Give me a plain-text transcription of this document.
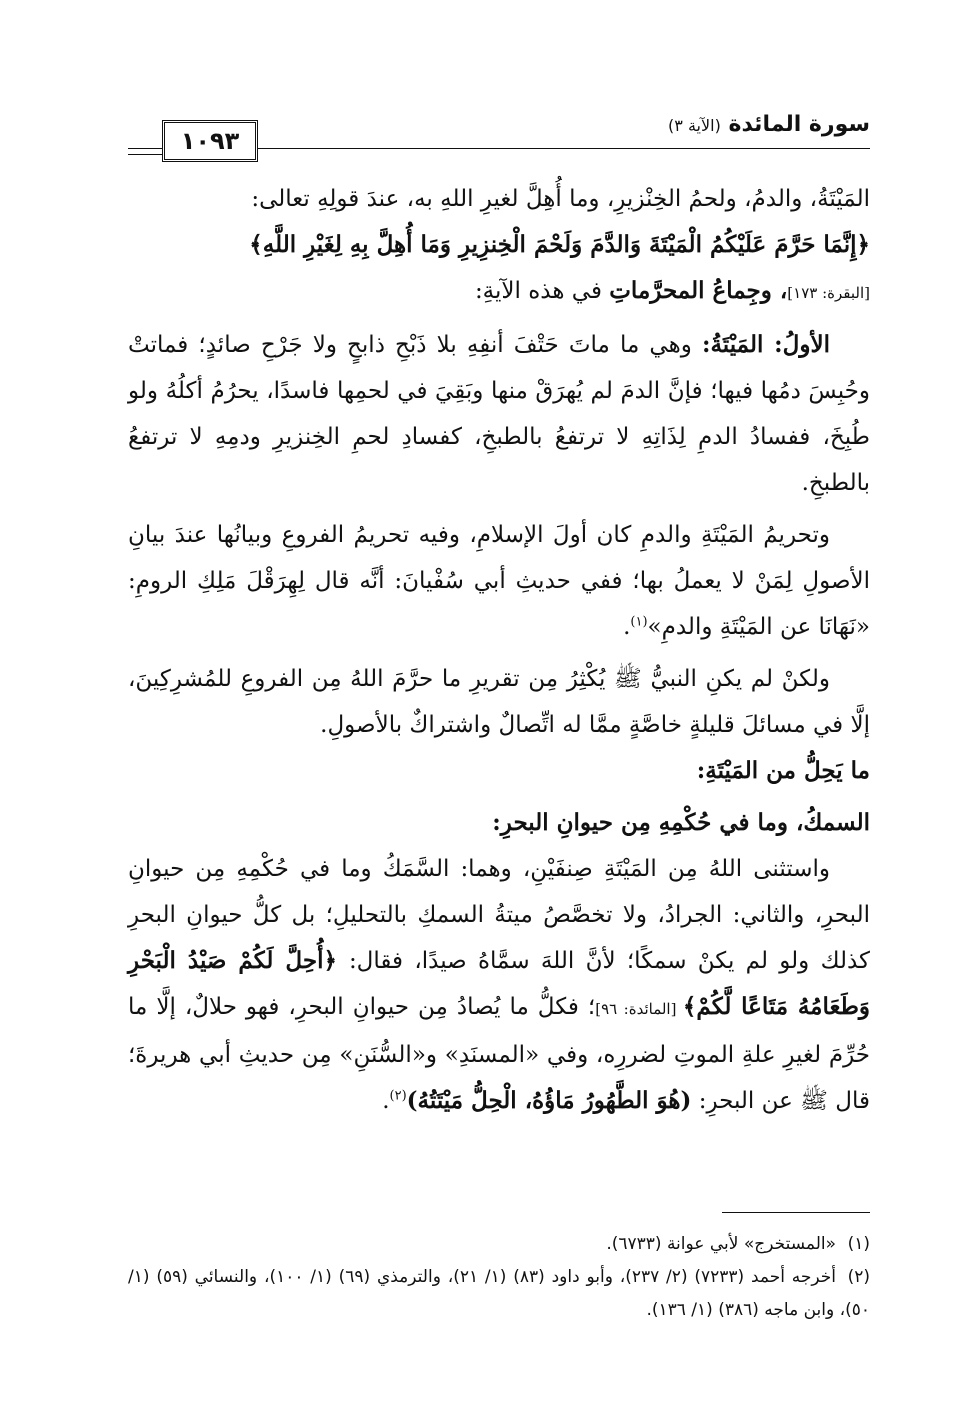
١٠٩٣
سورة المائدة (الآية ٣)

المَيْتَةُ، والدمُ، ولحمُ الخِنْزيرِ، وما أُهِلَّ لغيرِ اللهِ به، عندَ قولِهِ تعالى:

﴿إِنَّمَا حَرَّمَ عَلَيْكُمُ الْمَيْتَةَ وَالدَّمَ وَلَحْمَ الْخِنزِيرِ وَمَا أُهِلَّ بِهِ لِغَيْرِ اللَّهِ﴾

[البقرة: ١٧٣]، وجِماعُ المحرَّماتِ في هذه الآيةِ:

الأولُ: المَيْتَةُ: وهي ما ماتَ حَتْفَ أنفِهِ بلا ذَبْحِ ذابحٍ ولا جَرْحِ صائدٍ؛ فماتتْ وحُبِسَ دمُها فيها؛ فإنَّ الدمَ لم يُهرَقْ منها وبَقِيَ في لحمِها فاسدًا، يحرُمُ أكلُهُ ولو طُبِخَ، ففسادُ الدمِ لِذَاتِهِ لا ترتفعُ بالطبخِ، كفسادِ لحمِ الخِنزيرِ ودمِهِ لا ترتفعُ بالطبخِ.

وتحريمُ المَيْتَةِ والدمِ كان أولَ الإسلامِ، وفيه تحريمُ الفروعِ وبيانُها عندَ بيانِ الأصولِ لِمَنْ لا يعملُ بها؛ ففي حديثِ أبي سُفْيانَ: أنَّه قال لِهِرَقْلَ مَلِكِ الرومِ: «نَهَانَا عن المَيْتَةِ والدمِ»$^{(١)}$.

ولكنْ لم يكنِ النبيُّ ﷺ يُكْثِرُ مِن تقريرِ ما حرَّمَ اللهُ مِن الفروعِ للمُشرِكِينَ، إلَّا في مسائلَ قليلةٍ خاصَّةٍ ممَّا له اتِّصالٌ واشتراكٌ بالأصولِ.

ما يَحِلُّ من المَيْتَةِ:

السمكُ، وما في حُكْمِهِ مِن حيوانِ البحرِ:

واستثنى اللهُ مِن المَيْتَةِ صِنفَيْنِ، وهما: السَّمَكُ وما في حُكْمِهِ مِن حيوانِ البحرِ، والثاني: الجرادُ، ولا تخصَّصُ ميتةُ السمكِ بالتحليلِ؛ بل كلُّ حيوانِ البحرِ كذلك ولو لم يكنْ سمكًا؛ لأنَّ اللهَ سمَّاهُ صيدًا، فقال: ﴿أُحِلَّ لَكُمْ صَيْدُ الْبَحْرِ وَطَعَامُهُ مَتَاعًا لَّكُمْ﴾ [المائدة: ٩٦]؛ فكلُّ ما يُصادُ مِن حيوانِ البحرِ، فهو حلالٌ، إلَّا ما حُرِّمَ لغيرِ علةِ الموتِ لضررِه، وفي «المسنَدِ» و«السُّنَنِ» مِن حديثِ أبي هريرةَ؛ قال ﷺ عن البحرِ: (هُوَ الطَّهُورُ مَاؤُهُ، الْحِلُّ مَيْتَتُهُ)$^{(٢)}$.

(١)«المستخرج» لأبي عوانة (٦٧٣٣).

(٢)أخرجه أحمد (٧٢٣٣) (٢/ ٢٣٧)، وأبو داود (٨٣) (١/ ٢١)، والترمذي (٦٩) (١/ ١٠٠)، والنسائي (٥٩) (١/ ٥٠)، وابن ماجه (٣٨٦) (١/ ١٣٦).
